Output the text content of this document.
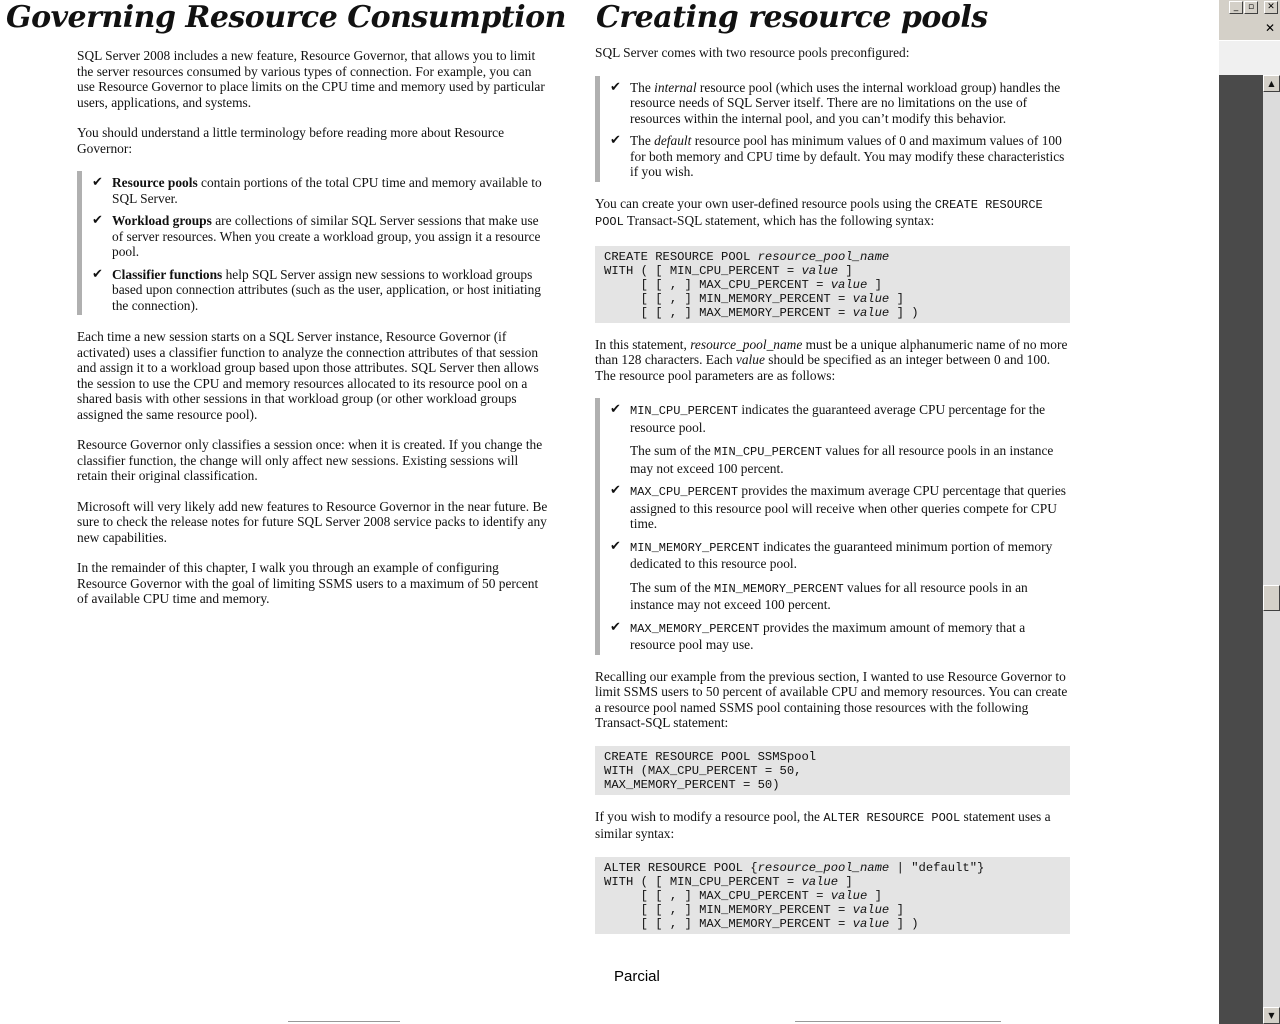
Governing Resource Consumption Creating resource pools

SQL Server 2008 includes a new feature, Resource Governor, that allows you to limit the server resources consumed by various types of connection. For example, you can use Resource Governor to place limits on the CPU time and memory used by particular users, applications, and systems.

You should understand a little terminology before reading more about Resource Governor:

✔ Resource pools contain portions of the total CPU time and memory available to SQL Server.
✔ Workload groups are collections of similar SQL Server sessions that make use of server resources. When you create a workload group, you assign it a resource pool.
✔ Classifier functions help SQL Server assign new sessions to workload groups based upon connection attributes (such as the user, application, or host initiating the connection).

Each time a new session starts on a SQL Server instance, Resource Governor (if activated) uses a classifier function to analyze the connection attributes of that session and assign it to a workload group based upon those attributes. SQL Server then allows the session to use the CPU and memory resources allocated to its resource pool on a shared basis with other sessions in that workload group (or other workload groups assigned the same resource pool).

Resource Governor only classifies a session once: when it is created. If you change the classifier function, the change will only affect new sessions. Existing sessions will retain their original classification.

Microsoft will very likely add new features to Resource Governor in the near future. Be sure to check the release notes for future SQL Server 2008 service packs to identify any new capabilities.

In the remainder of this chapter, I walk you through an example of configuring Resource Governor with the goal of limiting SSMS users to a maximum of 50 percent of available CPU time and memory.

SQL Server comes with two resource pools preconfigured:

✔ The internal resource pool (which uses the internal workload group) handles the resource needs of SQL Server itself. There are no limitations on the use of resources within the internal pool, and you can’t modify this behavior.
✔ The default resource pool has minimum values of 0 and maximum values of 100 for both memory and CPU time by default. You may modify these characteristics if you wish.

You can create your own user-defined resource pools using the CREATE RESOURCE POOL Transact-SQL statement, which has the following syntax:

CREATE RESOURCE POOL resource_pool_name
WITH ( [ MIN_CPU_PERCENT = value ]
[ [ , ] MAX_CPU_PERCENT = value ]
[ [ , ] MIN_MEMORY_PERCENT = value ]
[ [ , ] MAX_MEMORY_PERCENT = value ] )

In this statement, resource_pool_name must be a unique alphanumeric name of no more than 128 characters. Each value should be specified as an integer between 0 and 100. The resource pool parameters are as follows:

✔ MIN_CPU_PERCENT indicates the guaranteed average CPU percentage for the resource pool.
The sum of the MIN_CPU_PERCENT values for all resource pools in an instance may not exceed 100 percent.
✔ MAX_CPU_PERCENT provides the maximum average CPU percentage that queries assigned to this resource pool will receive when other queries compete for CPU time.
✔ MIN_MEMORY_PERCENT indicates the guaranteed minimum portion of memory dedicated to this resource pool.
The sum of the MIN_MEMORY_PERCENT values for all resource pools in an instance may not exceed 100 percent.
✔ MAX_MEMORY_PERCENT provides the maximum amount of memory that a resource pool may use.

Recalling our example from the previous section, I wanted to use Resource Governor to limit SSMS users to 50 percent of available CPU and memory resources. You can create a resource pool named SSMS pool containing those resources with the following Transact-SQL statement:

CREATE RESOURCE POOL SSMSpool
WITH (MAX_CPU_PERCENT = 50,
MAX_MEMORY_PERCENT = 50)

If you wish to modify a resource pool, the ALTER RESOURCE POOL statement uses a similar syntax:

ALTER RESOURCE POOL {resource_pool_name | "default"}
WITH ( [ MIN_CPU_PERCENT = value ]
[ [ , ] MAX_CPU_PERCENT = value ]
[ [ , ] MIN_MEMORY_PERCENT = value ]
[ [ , ] MAX_MEMORY_PERCENT = value ] )
Parcial
_	▫	✕
✕
▲
▼
